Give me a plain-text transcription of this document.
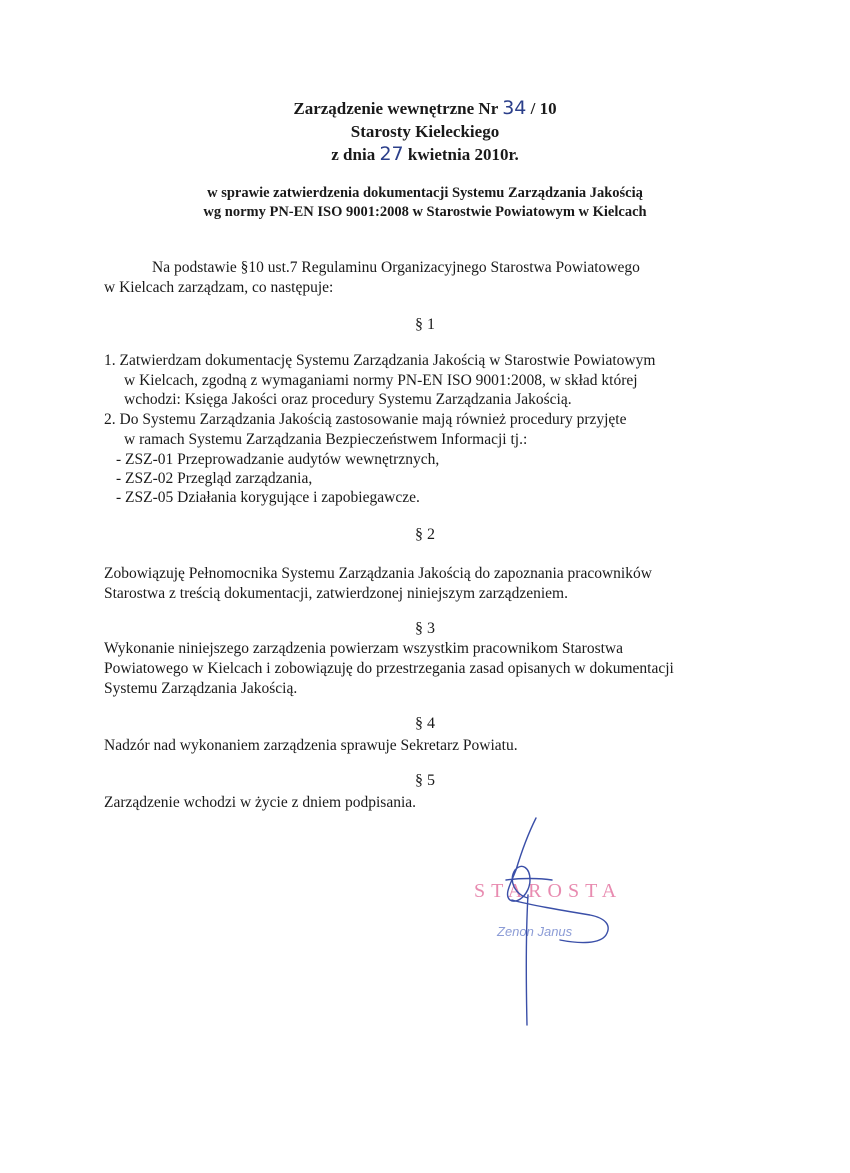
Zarządzenie wewnętrzne Nr 34 / 10
Starosty Kieleckiego
z dnia 27 kwietnia 2010r.
w sprawie zatwierdzenia dokumentacji Systemu Zarządzania Jakością
wg normy PN-EN ISO 9001:2008 w Starostwie Powiatowym w Kielcach
Na podstawie §10 ust.7 Regulaminu Organizacyjnego Starostwa Powiatowego
w Kielcach zarządzam, co następuje:
§ 1
1. Zatwierdzam dokumentację Systemu Zarządzania Jakością w Starostwie Powiatowym
w Kielcach, zgodną z wymaganiami normy PN-EN ISO 9001:2008, w skład której
wchodzi: Księga Jakości oraz procedury Systemu Zarządzania Jakością.
2. Do Systemu Zarządzania Jakością zastosowanie mają również procedury przyjęte
w ramach Systemu Zarządzania Bezpieczeństwem Informacji tj.:
- ZSZ-01 Przeprowadzanie audytów wewnętrznych,
- ZSZ-02 Przegląd zarządzania,
- ZSZ-05 Działania korygujące i zapobiegawcze.
§ 2
Zobowiązuję Pełnomocnika Systemu Zarządzania Jakością do zapoznania pracowników
Starostwa z treścią dokumentacji, zatwierdzonej niniejszym zarządzeniem.
§ 3
Wykonanie niniejszego zarządzenia powierzam wszystkim pracownikom Starostwa
Powiatowego w Kielcach i zobowiązuję do przestrzegania zasad opisanych w dokumentacji
Systemu Zarządzania Jakością.
§ 4
Nadzór nad wykonaniem zarządzenia sprawuje Sekretarz Powiatu.
§ 5
Zarządzenie wchodzi w życie z dniem podpisania.
STAROSTA
Zenon Janus
